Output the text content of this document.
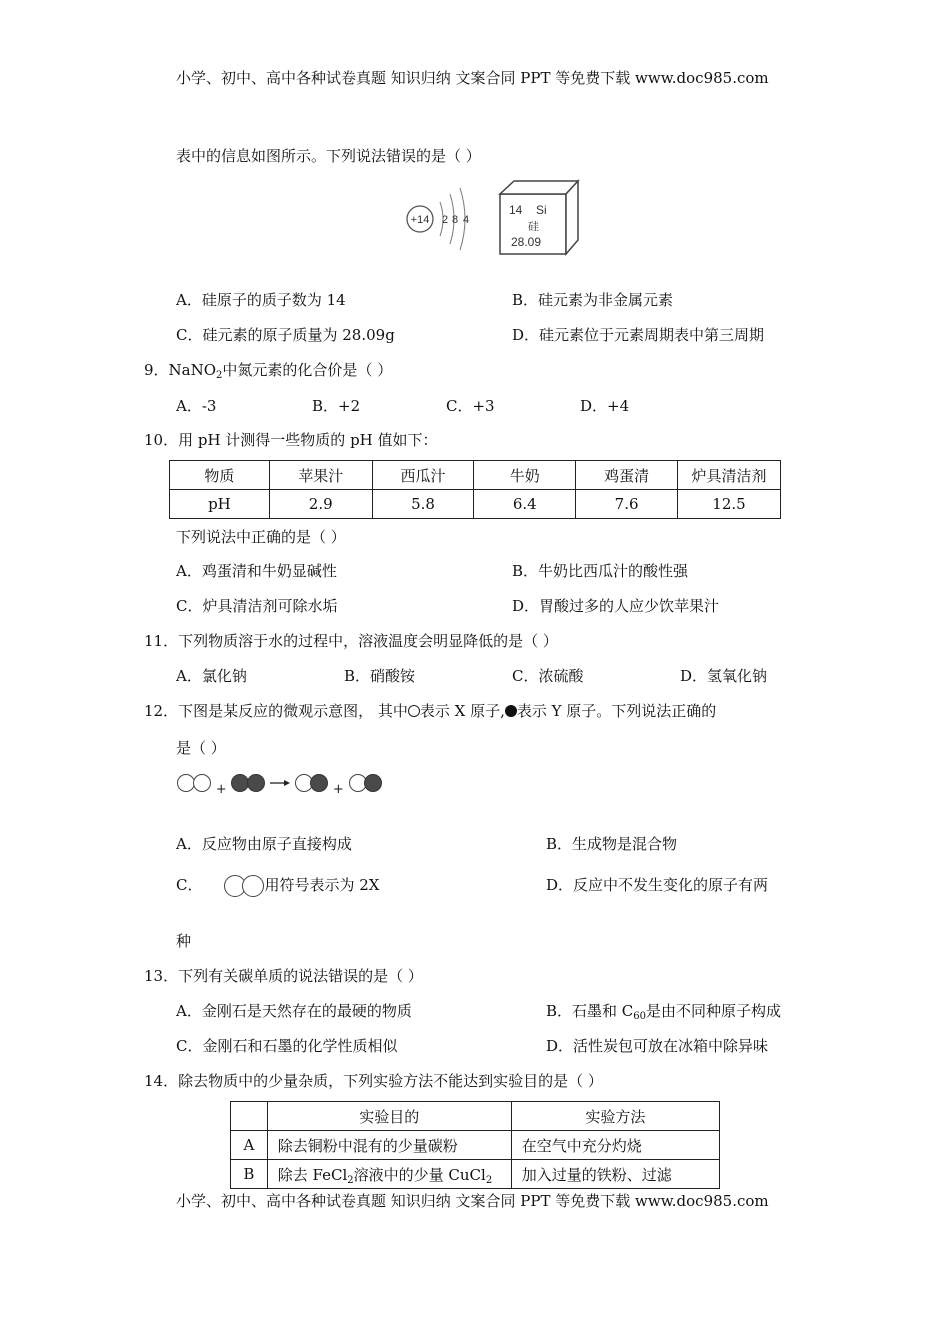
小学、初中、高中各种试卷真题 知识归纳 文案合同 PPT 等免费下载 www.doc985.com
表中的信息如图所示。下列说法错误的是（ ）
+14 2 8 4
14 Si
硅
28.09
A．硅原子的质子数为 14	B．硅元素为非金属元素
C．硅元素的原子质量为 28.09g	D．硅元素位于元素周期表中第三周期
9．NaNO$_2$中氮元素的化合价是（ ）
A．-3	B．+2	C．+3	D．+4
10．用 pH 计测得一些物质的 pH 值如下：
物质	苹果汁	西瓜汁	牛奶	鸡蛋清	炉具清洁剂
pH	2.9	5.8	6.4	7.6	12.5
下列说法中正确的是（ ）
A．鸡蛋清和牛奶显碱性	B．牛奶比西瓜汁的酸性强
C．炉具清洁剂可除水垢	D．胃酸过多的人应少饮苹果汁
11．下列物质溶于水的过程中，溶液温度会明显降低的是（ ）
A．氯化钠	B．硝酸铵	C．浓硫酸	D．氢氧化钠
12．下图是某反应的微观示意图， 其中 表示 X 原子, 表示 Y 原子。下列说法正确的
是（ ）
+	+
A．反应物由原子直接构成	B．生成物是混合物
C．	用符号表示为 2X	D．反应中不发生变化的原子有两
种
13．下列有关碳单质的说法错误的是（ ）
A．金刚石是天然存在的最硬的物质	B．石墨和 $C_{60}$是由不同种原子构成
C．金刚石和石墨的化学性质相似	D．活性炭包可放在冰箱中除异味
14．除去物质中的少量杂质，下列实验方法不能达到实验目的是（ ）
	实验目的	实验方法
A	除去铜粉中混有的少量碳粉	在空气中充分灼烧
B	除去 FeCl$_2$溶液中的少量 CuCl$_2$	加入过量的铁粉、过滤
小学、初中、高中各种试卷真题 知识归纳 文案合同 PPT 等免费下载 www.doc985.com
